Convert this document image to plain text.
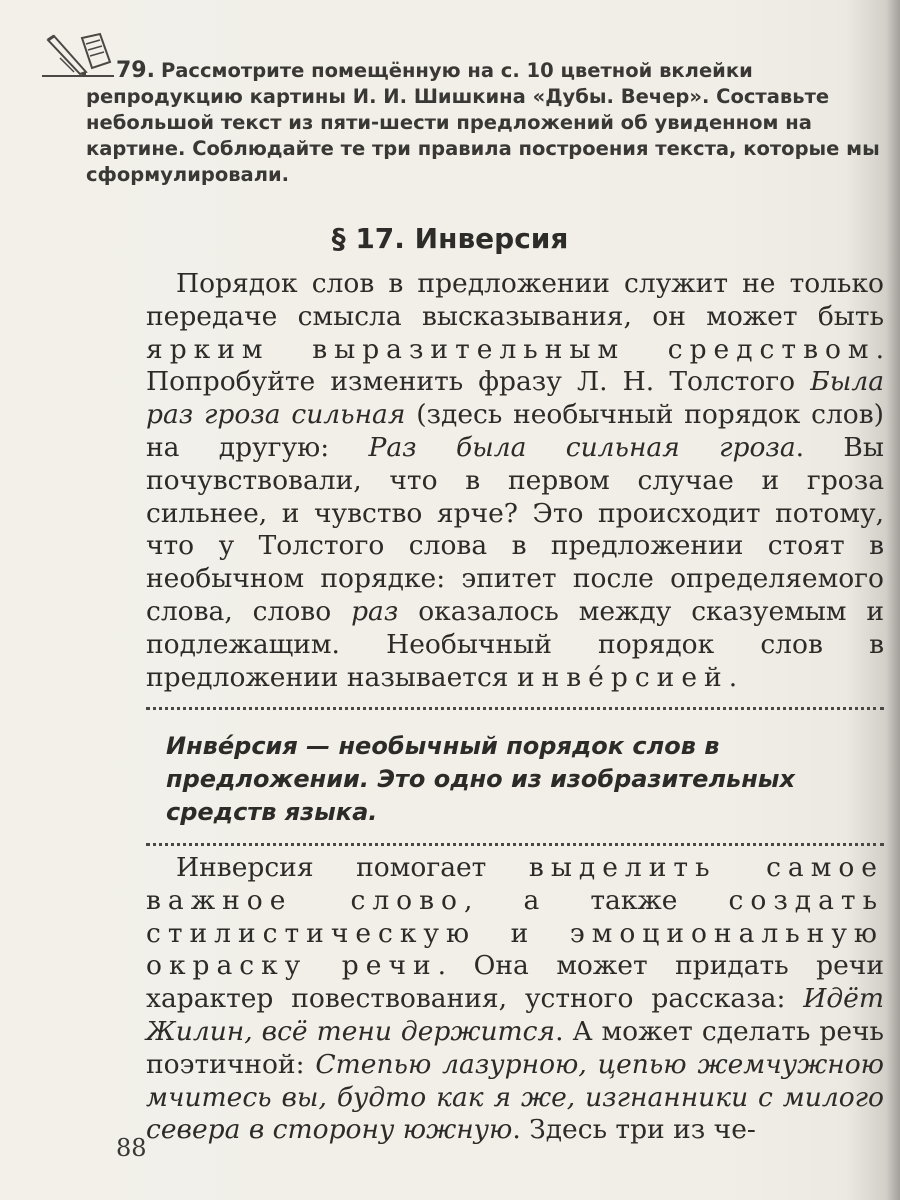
79. Рассмотрите помещённую на с. 10 цветной вклейки
репродукцию картины И. И. Шишкина «Дубы. Вечер». Составьте небольшой текст из пяти-шести предложений об увиденном на картине. Соблюдайте те три правила построения текста, которые мы сформулировали.
§ 17. Инверсия
Порядок слов в предложении служит не только передаче смысла высказывания, он может быть ярким выразительным средством. Попробуйте изменить фразу Л. Н. Толстого Была раз гроза сильная (здесь необычный порядок слов) на другую: Раз была сильная гроза. Вы почувствовали, что в первом случае и гроза сильнее, и чувство ярче? Это происходит потому, что у Толстого слова в предложении стоят в необычном порядке: эпитет после определяемого слова, слово раз оказалось между сказуемым и подлежащим. Необычный порядок слов в предложении называется инве́рсией.
Инве́рсия — необычный порядок слов в предложении. Это одно из изобразительных средств языка.
Инверсия помогает выделить самое важное слово, а также создать стилистическую и эмоциональную окраску речи. Она может придать речи характер повествования, устного рассказа: Идёт Жилин, всё тени держится. А может сделать речь поэтичной: Степью лазурною, цепью жемчужною мчитесь вы, будто как я же, изгнанники с милого севера в сторону южную. Здесь три из че-
88
